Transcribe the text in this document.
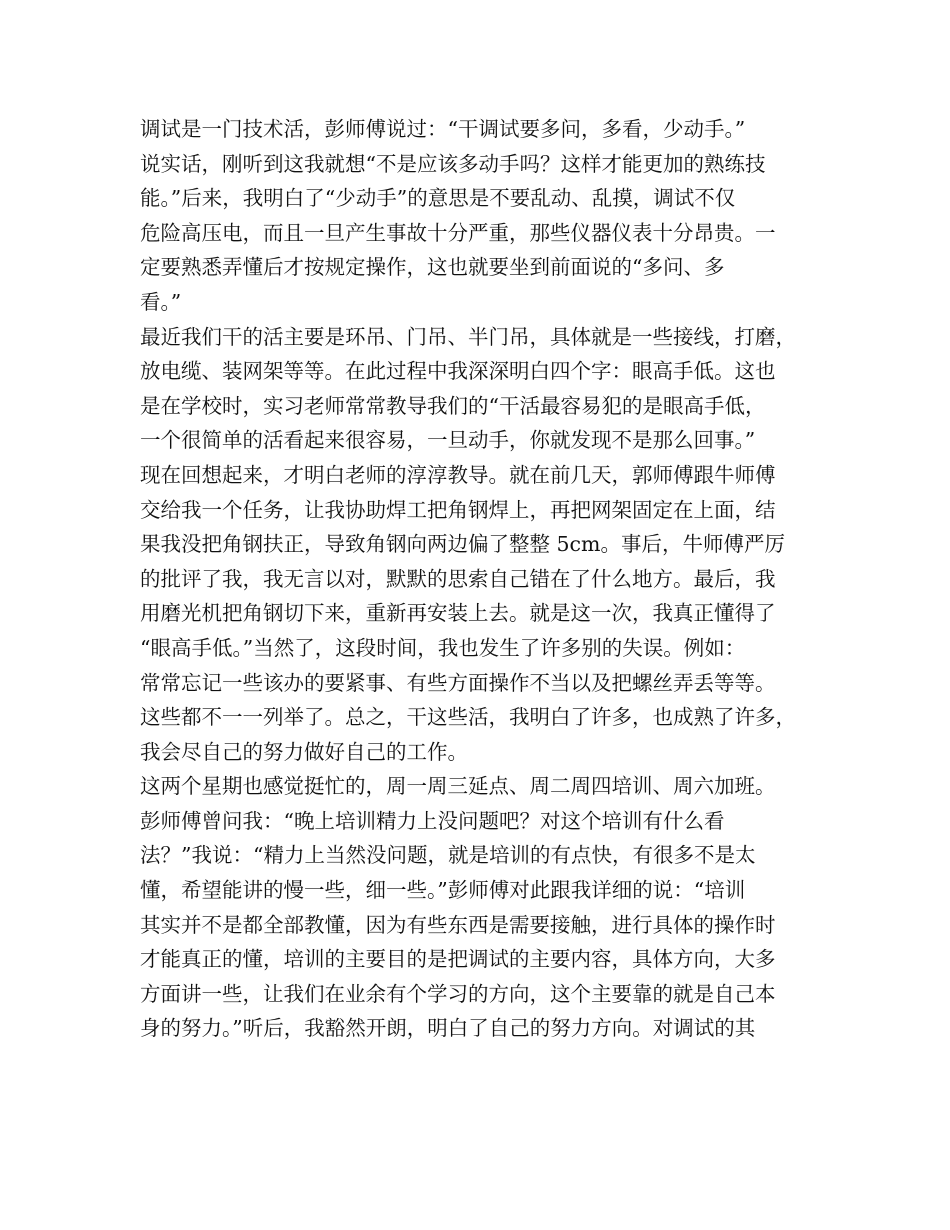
调试是一门技术活，彭师傅说过：“干调试要多问，多看，少动手。”
说实话，刚听到这我就想“不是应该多动手吗？这样才能更加的熟练技
能。”后来，我明白了“少动手”的意思是不要乱动、乱摸，调试不仅
危险高压电，而且一旦产生事故十分严重，那些仪器仪表十分昂贵。一
定要熟悉弄懂后才按规定操作，这也就要坐到前面说的“多问、多
看。”
最近我们干的活主要是环吊、门吊、半门吊，具体就是一些接线，打磨，
放电缆、装网架等等。在此过程中我深深明白四个字：眼高手低。这也
是在学校时，实习老师常常教导我们的“干活最容易犯的是眼高手低，
一个很简单的活看起来很容易，一旦动手，你就发现不是那么回事。”
现在回想起来，才明白老师的淳淳教导。就在前几天，郭师傅跟牛师傅
交给我一个任务，让我协助焊工把角钢焊上，再把网架固定在上面，结
果我没把角钢扶正，导致角钢向两边偏了整整 5cm。事后，牛师傅严厉
的批评了我，我无言以对，默默的思索自己错在了什么地方。最后，我
用磨光机把角钢切下来，重新再安装上去。就是这一次，我真正懂得了
“眼高手低。”当然了，这段时间，我也发生了许多别的失误。例如：
常常忘记一些该办的要紧事、有些方面操作不当以及把螺丝弄丢等等。
这些都不一一列举了。总之，干这些活，我明白了许多，也成熟了许多，
我会尽自己的努力做好自己的工作。
这两个星期也感觉挺忙的，周一周三延点、周二周四培训、周六加班。
彭师傅曾问我：“晚上培训精力上没问题吧？对这个培训有什么看
法？”我说：“精力上当然没问题，就是培训的有点快，有很多不是太
懂，希望能讲的慢一些，细一些。”彭师傅对此跟我详细的说：“培训
其实并不是都全部教懂，因为有些东西是需要接触，进行具体的操作时
才能真正的懂，培训的主要目的是把调试的主要内容，具体方向，大多
方面讲一些，让我们在业余有个学习的方向，这个主要靠的就是自己本
身的努力。”听后，我豁然开朗，明白了自己的努力方向。对调试的其
